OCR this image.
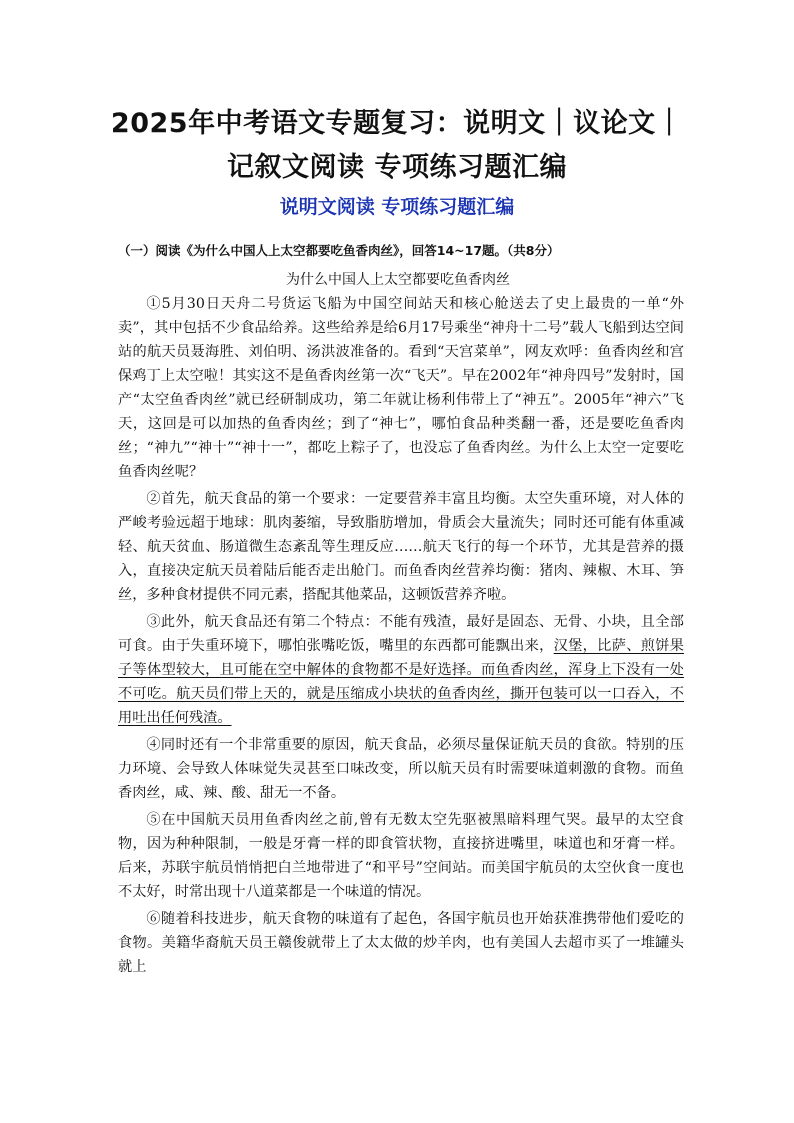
2025年中考语文专题复习：说明文｜议论文｜
记叙文阅读 专项练习题汇编
说明文阅读 专项练习题汇编
（一）阅读《为什么中国人上太空都要吃鱼香肉丝》，回答14~17题。（共8分）
为什么中国人上太空都要吃鱼香肉丝

①5月30日天舟二号货运飞船为中国空间站天和核心舱送去了史上最贵的一单“外卖”，其中包括不少食品给养。这些给养是给6月17号乘坐“神舟十二号”载人飞船到达空间站的航天员聂海胜、刘伯明、汤洪波准备的。看到“天宫菜单”，网友欢呼：鱼香肉丝和宫保鸡丁上太空啦！其实这不是鱼香肉丝第一次“飞天”。早在2002年“神舟四号”发射时，国产“太空鱼香肉丝”就已经研制成功，第二年就让杨利伟带上了“神五”。2005年“神六”飞天，这回是可以加热的鱼香肉丝；到了“神七”，哪怕食品种类翻一番，还是要吃鱼香肉丝；“神九”“神十”“神十一”，都吃上粽子了，也没忘了鱼香肉丝。为什么上太空一定要吃鱼香肉丝呢？

②首先，航天食品的第一个要求：一定要营养丰富且均衡。太空失重环境，对人体的严峻考验远超于地球：肌肉萎缩，导致脂肪增加，骨质会大量流失；同时还可能有体重减轻、航天贫血、肠道微生态紊乱等生理反应……航天飞行的每一个环节，尤其是营养的摄入，直接决定航天员着陆后能否走出舱门。而鱼香肉丝营养均衡：猪肉、辣椒、木耳、笋丝，多种食材提供不同元素，搭配其他菜品，这顿饭营养齐啦。

③此外，航天食品还有第二个特点：不能有残渣，最好是固态、无骨、小块，且全部可食。由于失重环境下，哪怕张嘴吃饭，嘴里的东西都可能飘出来，汉堡，比萨、煎饼果子等体型较大，且可能在空中解体的食物都不是好选择。而鱼香肉丝，浑身上下没有一处不可吃。航天员们带上天的，就是压缩成小块状的鱼香肉丝，撕开包装可以一口吞入，不用吐出任何残渣。

④同时还有一个非常重要的原因，航天食品，必须尽量保证航天员的食欲。特别的压力环境、会导致人体味觉失灵甚至口味改变，所以航天员有时需要味道刺激的食物。而鱼香肉丝，咸、辣、酸、甜无一不备。

⑤在中国航天员用鱼香肉丝之前,曾有无数太空先驱被黑暗料理气哭。最早的太空食物，因为种种限制，一般是牙膏一样的即食管状物，直接挤进嘴里，味道也和牙膏一样。后来，苏联宇航员悄悄把白兰地带进了“和平号”空间站。而美国宇航员的太空伙食一度也不太好，时常出现十八道菜都是一个味道的情况。

⑥随着科技进步，航天食物的味道有了起色，各国宇航员也开始获准携带他们爱吃的食物。美籍华裔航天员王赣俊就带上了太太做的炒羊肉，也有美国人去超市买了一堆罐头就上
